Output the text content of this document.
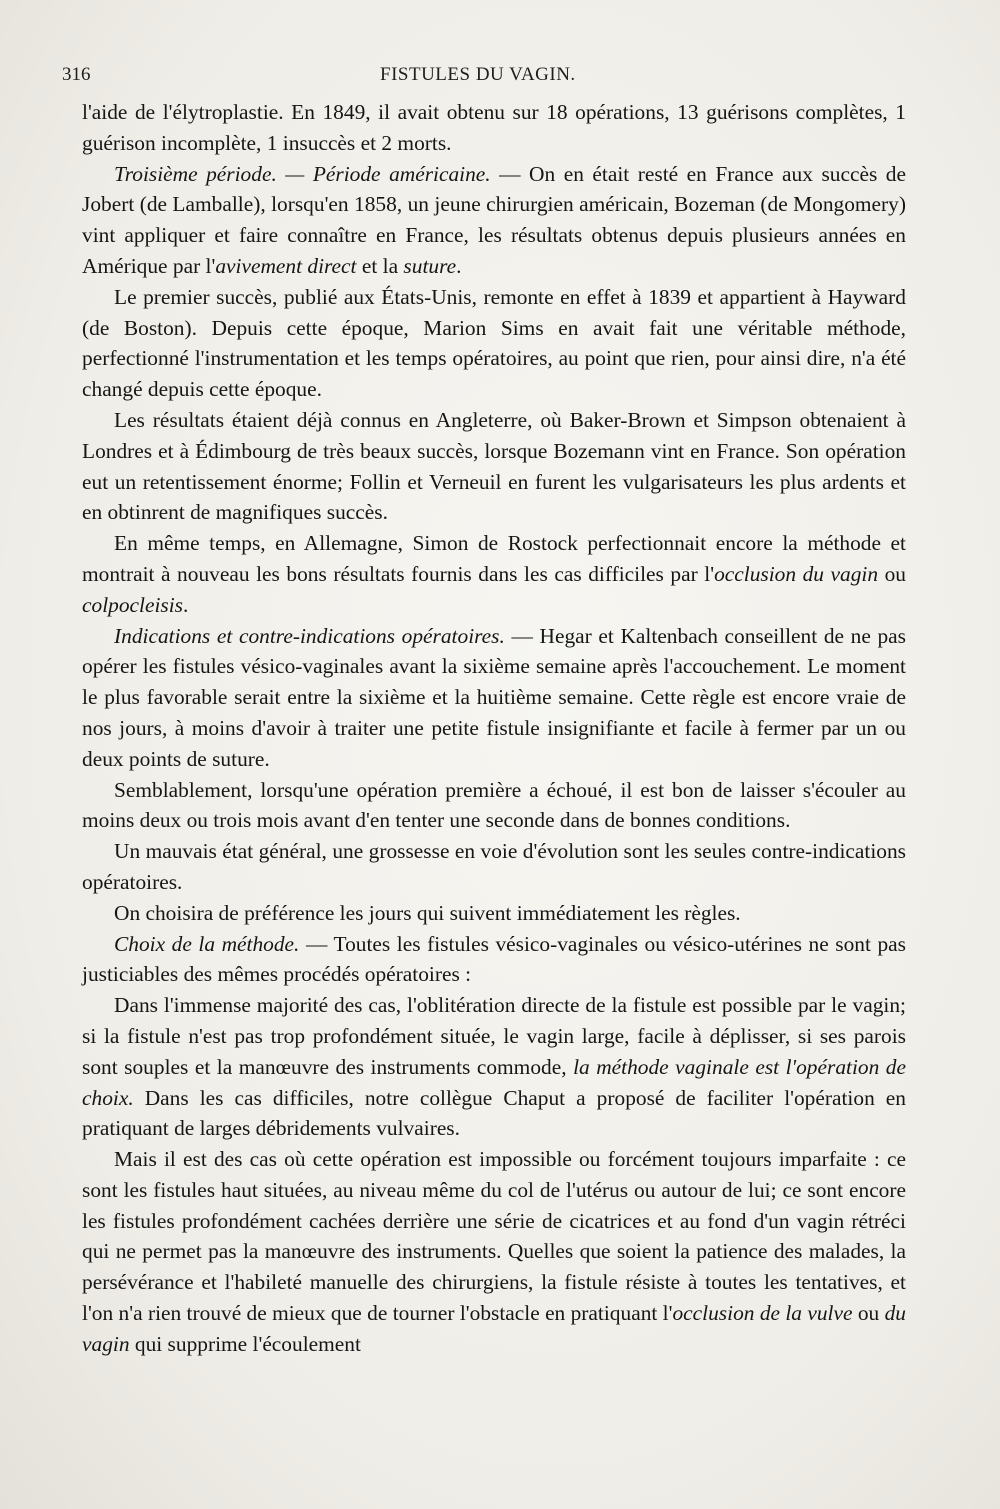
316	FISTULES DU VAGIN.

l'aide de l'élytroplastie. En 1849, il avait obtenu sur 18 opérations, 13 guérisons complètes, 1 guérison incomplète, 1 insuccès et 2 morts.

Troisième période. — Période américaine. — On en était resté en France aux succès de Jobert (de Lamballe), lorsqu'en 1858, un jeune chirurgien américain, Bozeman (de Mongomery) vint appliquer et faire connaître en France, les résultats obtenus depuis plusieurs années en Amérique par l'avivement direct et la suture.

Le premier succès, publié aux États-Unis, remonte en effet à 1839 et appartient à Hayward (de Boston). Depuis cette époque, Marion Sims en avait fait une véritable méthode, perfectionné l'instrumentation et les temps opératoires, au point que rien, pour ainsi dire, n'a été changé depuis cette époque.

Les résultats étaient déjà connus en Angleterre, où Baker-Brown et Simpson obtenaient à Londres et à Édimbourg de très beaux succès, lorsque Bozemann vint en France. Son opération eut un retentissement énorme; Follin et Verneuil en furent les vulgarisateurs les plus ardents et en obtinrent de magnifiques succès.

En même temps, en Allemagne, Simon de Rostock perfectionnait encore la méthode et montrait à nouveau les bons résultats fournis dans les cas difficiles par l'occlusion du vagin ou colpocleisis.

Indications et contre-indications opératoires. — Hegar et Kaltenbach conseillent de ne pas opérer les fistules vésico-vaginales avant la sixième semaine après l'accouchement. Le moment le plus favorable serait entre la sixième et la huitième semaine. Cette règle est encore vraie de nos jours, à moins d'avoir à traiter une petite fistule insignifiante et facile à fermer par un ou deux points de suture.

Semblablement, lorsqu'une opération première a échoué, il est bon de laisser s'écouler au moins deux ou trois mois avant d'en tenter une seconde dans de bonnes conditions.

Un mauvais état général, une grossesse en voie d'évolution sont les seules contre-indications opératoires.

On choisira de préférence les jours qui suivent immédiatement les règles.

Choix de la méthode. — Toutes les fistules vésico-vaginales ou vésico-utérines ne sont pas justiciables des mêmes procédés opératoires :

Dans l'immense majorité des cas, l'oblitération directe de la fistule est possible par le vagin; si la fistule n'est pas trop profondément située, le vagin large, facile à déplisser, si ses parois sont souples et la manœuvre des instruments commode, la méthode vaginale est l'opération de choix. Dans les cas difficiles, notre collègue Chaput a proposé de faciliter l'opération en pratiquant de larges débridements vulvaires.

Mais il est des cas où cette opération est impossible ou forcément toujours imparfaite : ce sont les fistules haut situées, au niveau même du col de l'utérus ou autour de lui; ce sont encore les fistules profondément cachées derrière une série de cicatrices et au fond d'un vagin rétréci qui ne permet pas la manœuvre des instruments. Quelles que soient la patience des malades, la persévérance et l'habileté manuelle des chirurgiens, la fistule résiste à toutes les tentatives, et l'on n'a rien trouvé de mieux que de tourner l'obstacle en pratiquant l'occlusion de la vulve ou du vagin qui supprime l'écoulement
